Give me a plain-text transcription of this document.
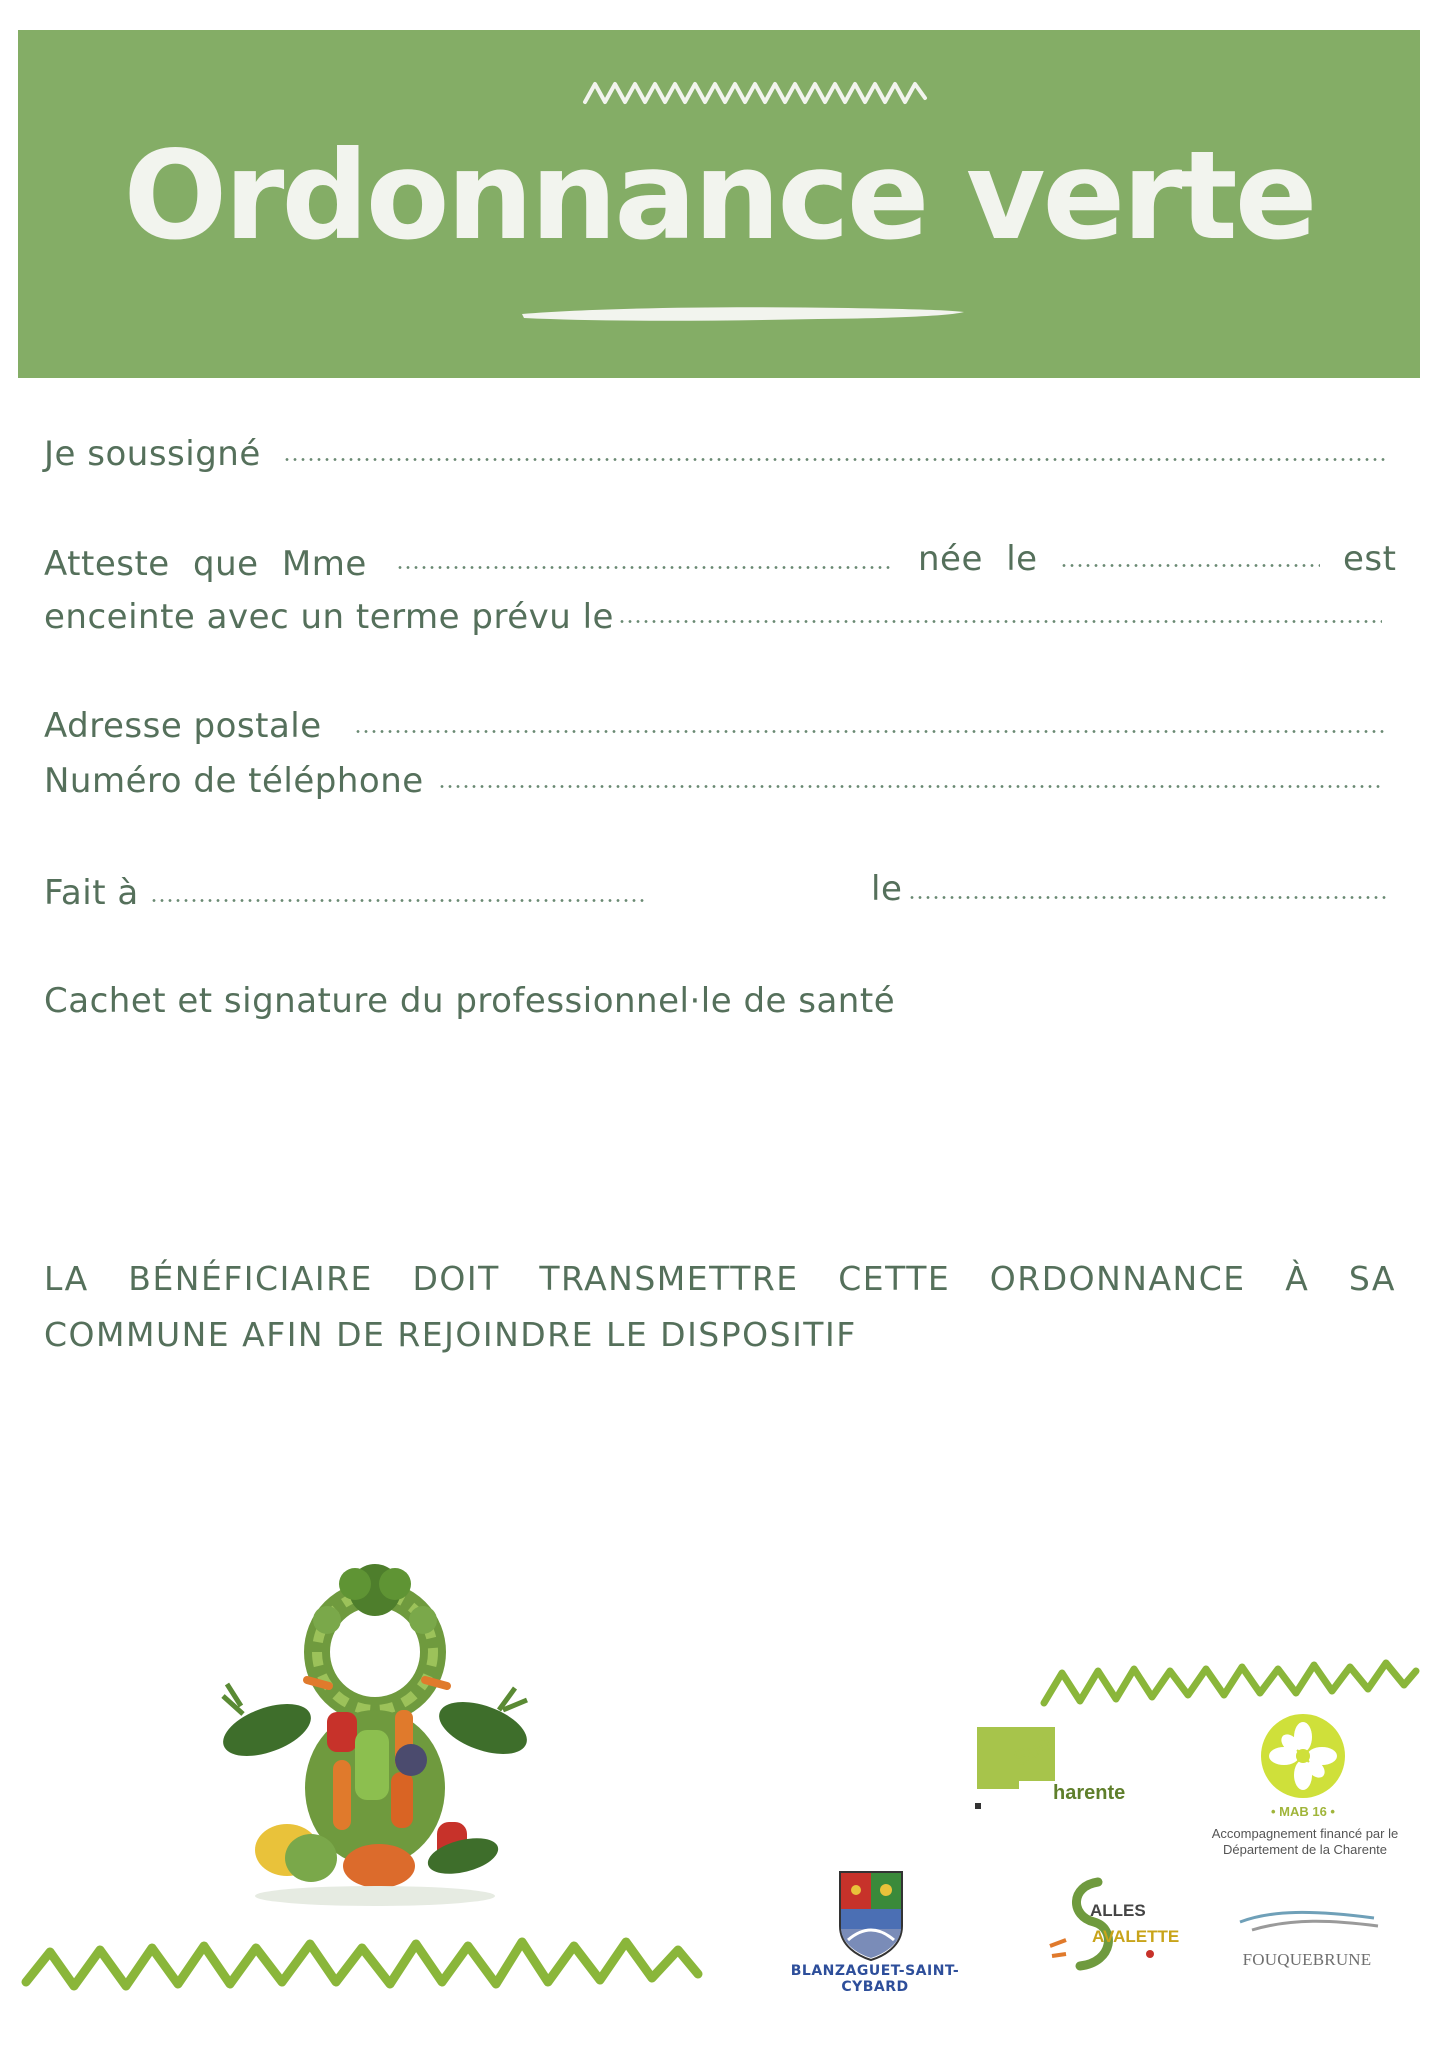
Ordonnance verte
Je soussigné
Atteste que Mme	née le	est
enceinte avec un terme prévu le
Adresse postale
Numéro de téléphone
Fait à	le
Cachet et signature du professionnel·le de santé
LA BÉNÉFICIAIRE DOIT TRANSMETTRE CETTE ORDONNANCE À SA
COMMUNE AFIN DE REJOINDRE LE DISPOSITIF
Sud
ays harente
• MAB 16 •
Accompagnement financé par le Département de la Charente
BLANZAGUET-SAINT-CYBARD
ALLES
AVALETTE
FOUQUEBRUNE
